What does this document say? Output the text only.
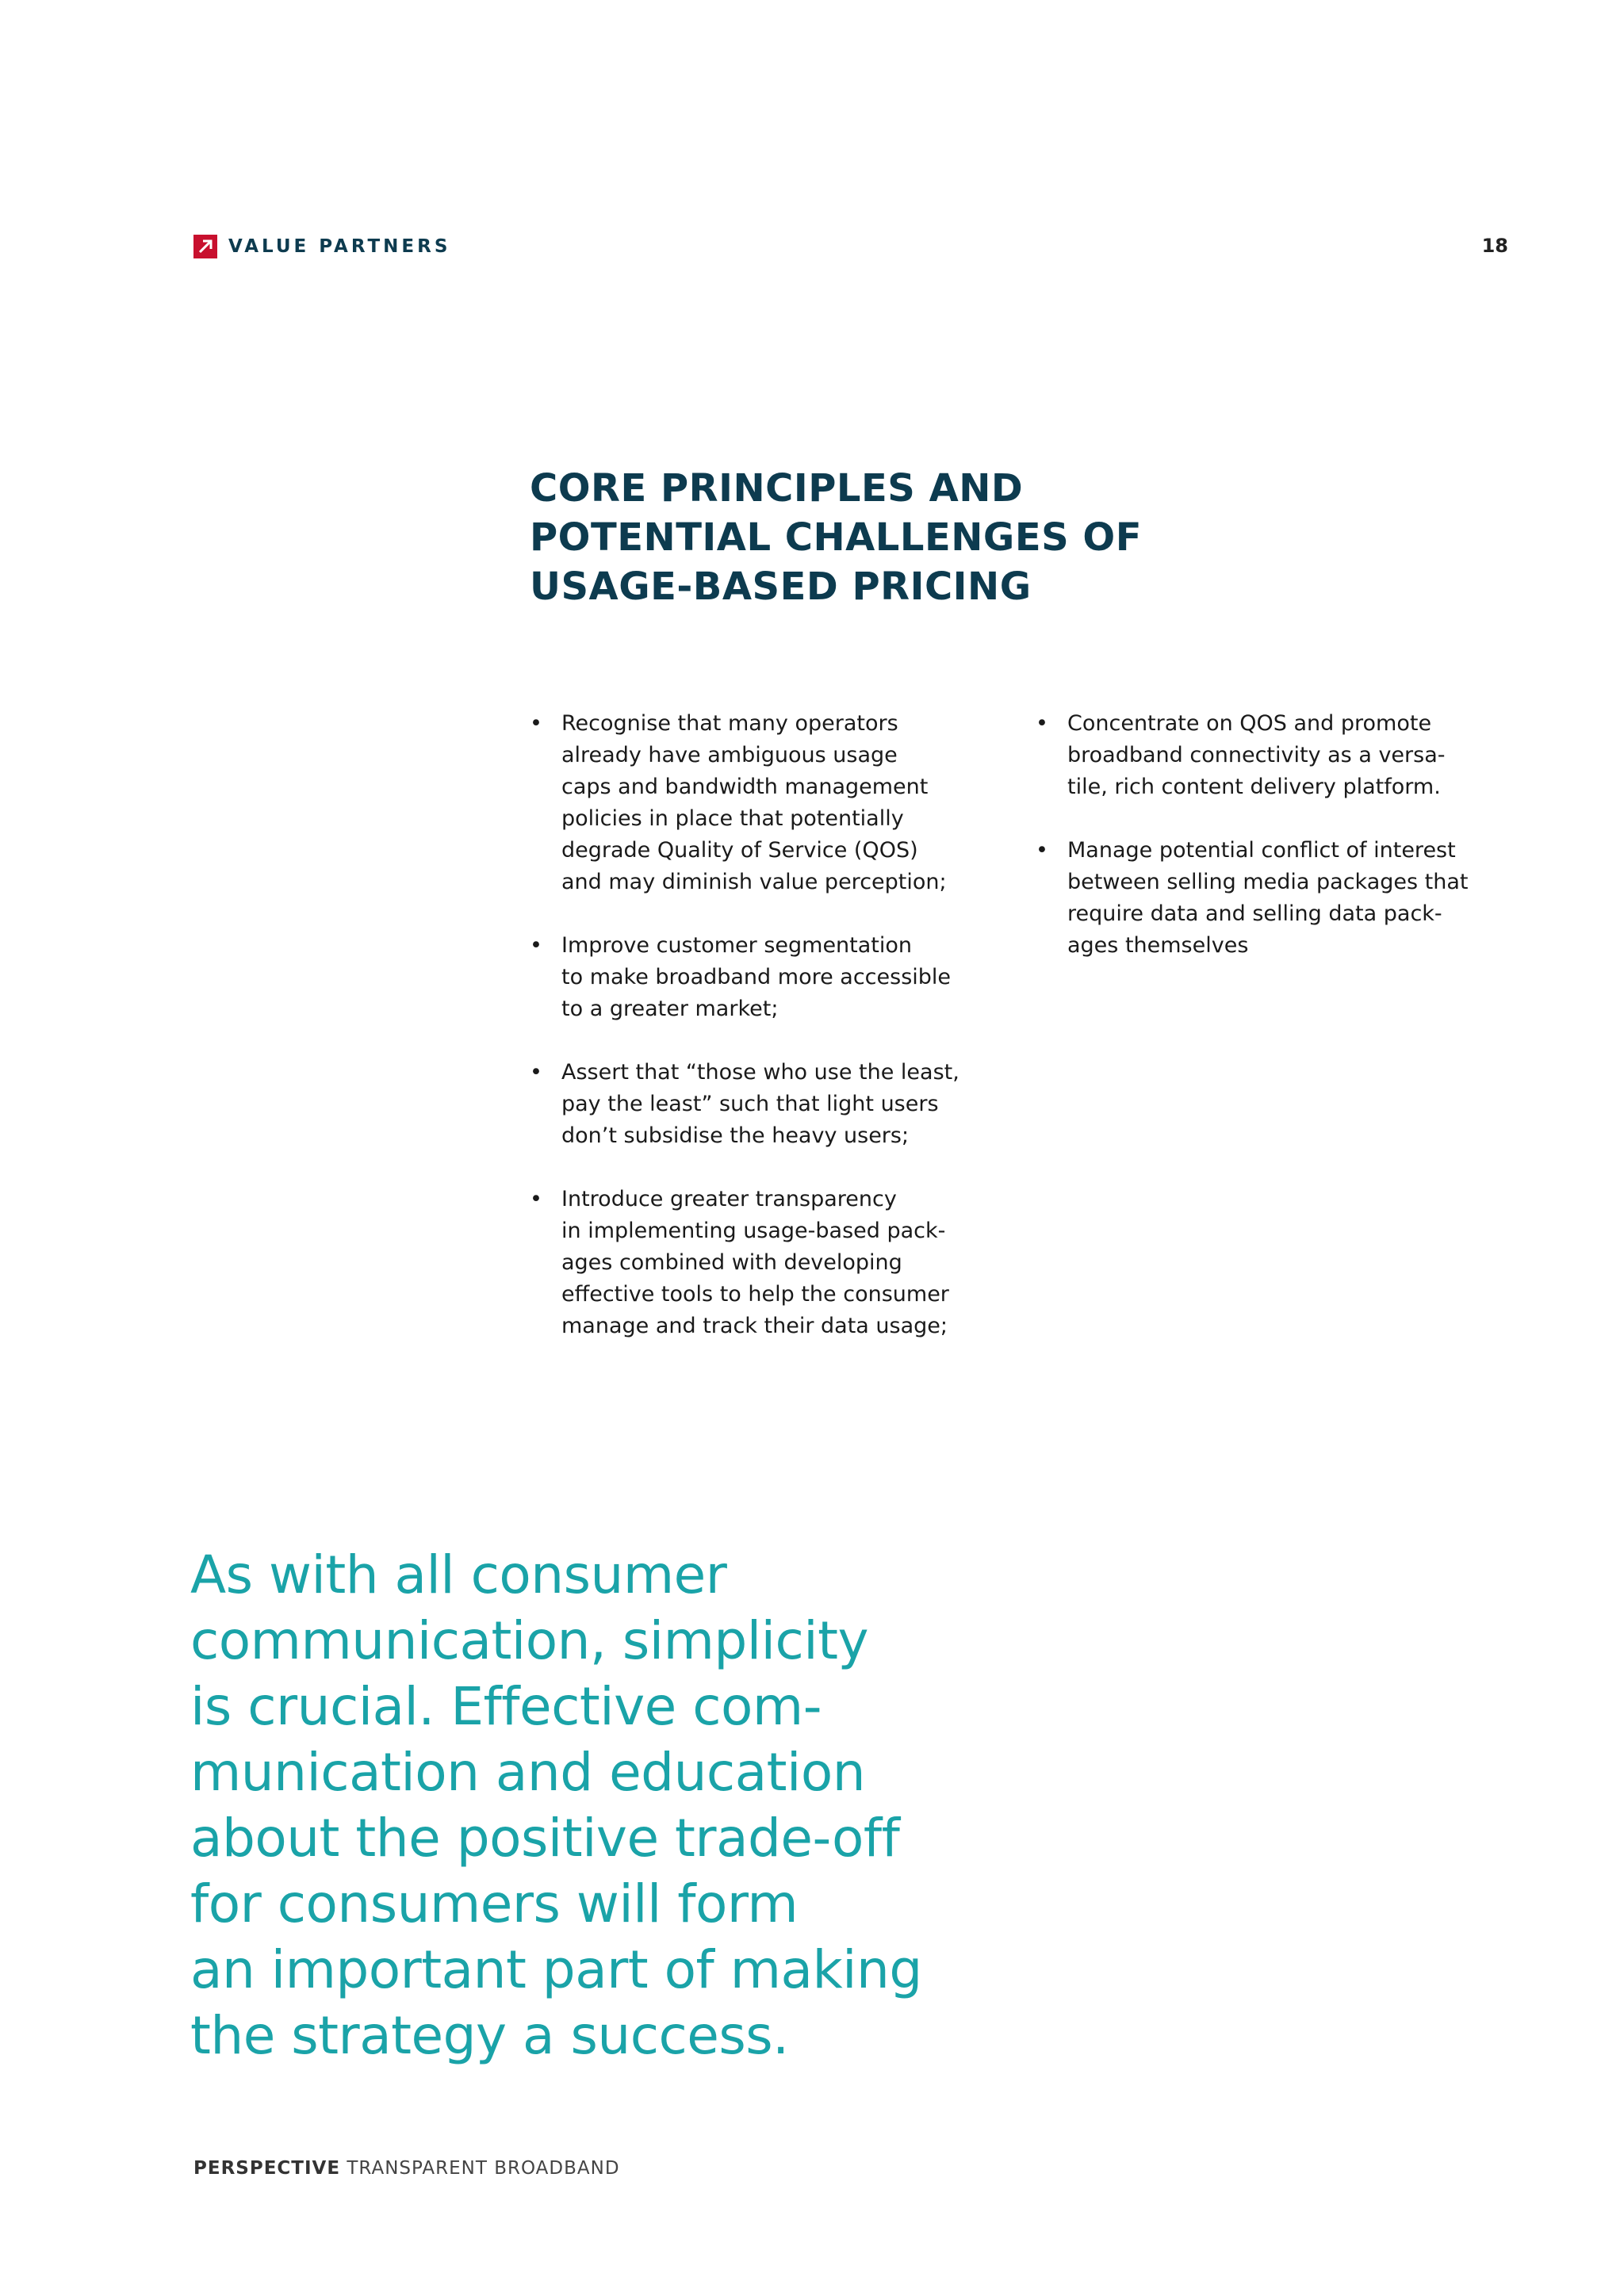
VALUE PARTNERS	18
CORE PRINCIPLES AND
POTENTIAL CHALLENGES OF
USAGE-BASED PRICING
• Recognise that many operators
already have ambiguous usage
caps and bandwidth management
policies in place that potentially
degrade Quality of Service (QOS)
and may diminish value perception;
• Improve customer segmentation
to make broadband more accessible
to a greater market;
• Assert that “those who use the least,
pay the least” such that light users
don’t subsidise the heavy users;
• Introduce greater transparency
in implementing usage-based pack-
ages combined with developing
effective tools to help the consumer
manage and track their data usage;
• Concentrate on QOS and promote
broadband connectivity as a versa-
tile, rich content delivery platform.
• Manage potential conflict of interest
between selling media packages that
require data and selling data pack-
ages themselves
As with all consumer
communication, simplicity
is crucial. Effective com-
munication and education
about the positive trade-off
for consumers will form
an important part of making
the strategy a success.
PERSPECTIVE TRANSPARENT BROADBAND
